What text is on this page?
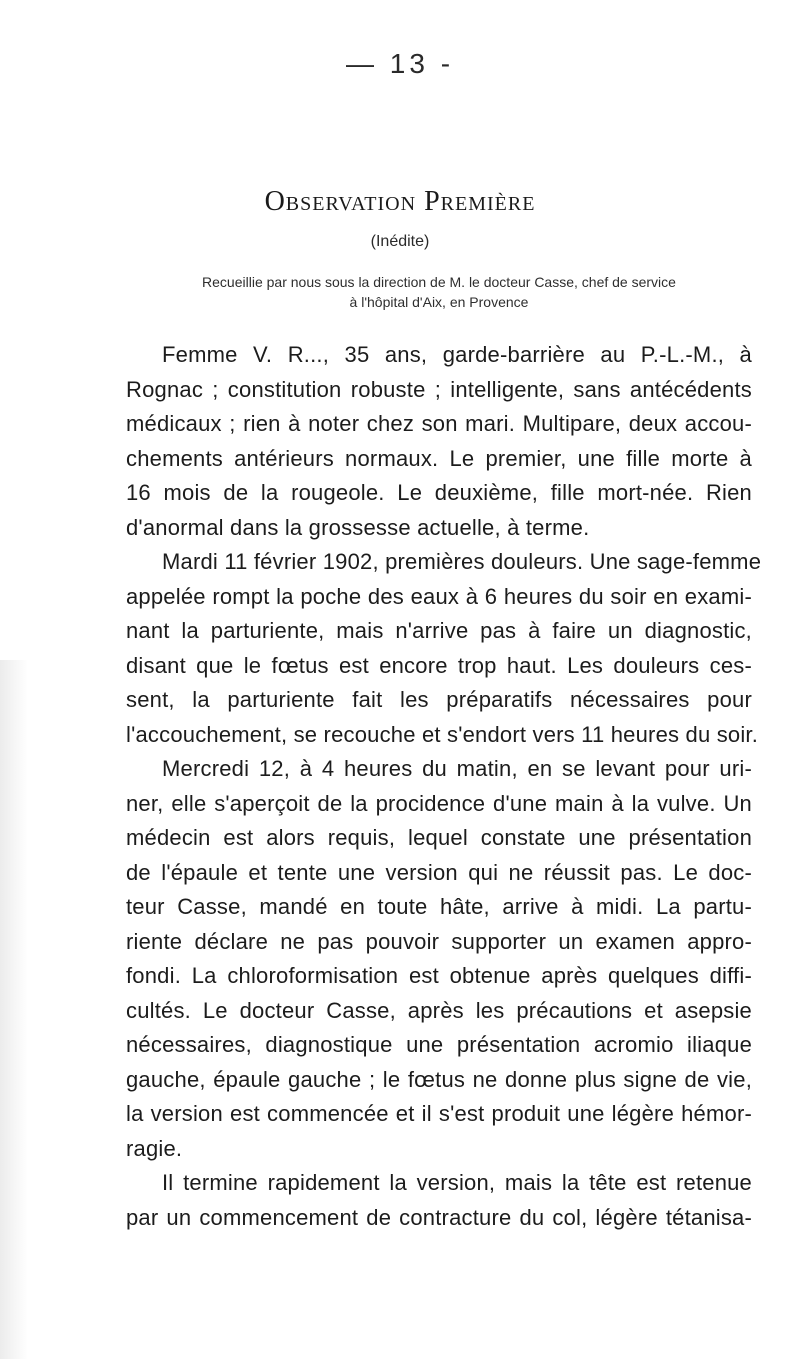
— 13 -
Observation Première
(Inédite)
Recueillie par nous sous la direction de M. le docteur Casse, chef de service
à l'hôpital d'Aix, en Provence
Femme V. R..., 35 ans, garde-barrière au P.-L.-M., à
Rognac ; constitution robuste ; intelligente, sans antécédents
médicaux ; rien à noter chez son mari. Multipare, deux accou-
chements antérieurs normaux. Le premier, une fille morte à
16 mois de la rougeole. Le deuxième, fille mort-née. Rien
d'anormal dans la grossesse actuelle, à terme.
Mardi 11 février 1902, premières douleurs. Une sage-femme
appelée rompt la poche des eaux à 6 heures du soir en exami-
nant la parturiente, mais n'arrive pas à faire un diagnostic,
disant que le fœtus est encore trop haut. Les douleurs ces-
sent, la parturiente fait les préparatifs nécessaires pour
l'accouchement, se recouche et s'endort vers 11 heures du soir.
Mercredi 12, à 4 heures du matin, en se levant pour uri-
ner, elle s'aperçoit de la procidence d'une main à la vulve. Un
médecin est alors requis, lequel constate une présentation
de l'épaule et tente une version qui ne réussit pas. Le doc-
teur Casse, mandé en toute hâte, arrive à midi. La partu-
riente déclare ne pas pouvoir supporter un examen appro-
fondi. La chloroformisation est obtenue après quelques diffi-
cultés. Le docteur Casse, après les précautions et asepsie
nécessaires, diagnostique une présentation acromio iliaque
gauche, épaule gauche ; le fœtus ne donne plus signe de vie,
la version est commencée et il s'est produit une légère hémor-
ragie.
Il termine rapidement la version, mais la tête est retenue
par un commencement de contracture du col, légère tétanisa-
